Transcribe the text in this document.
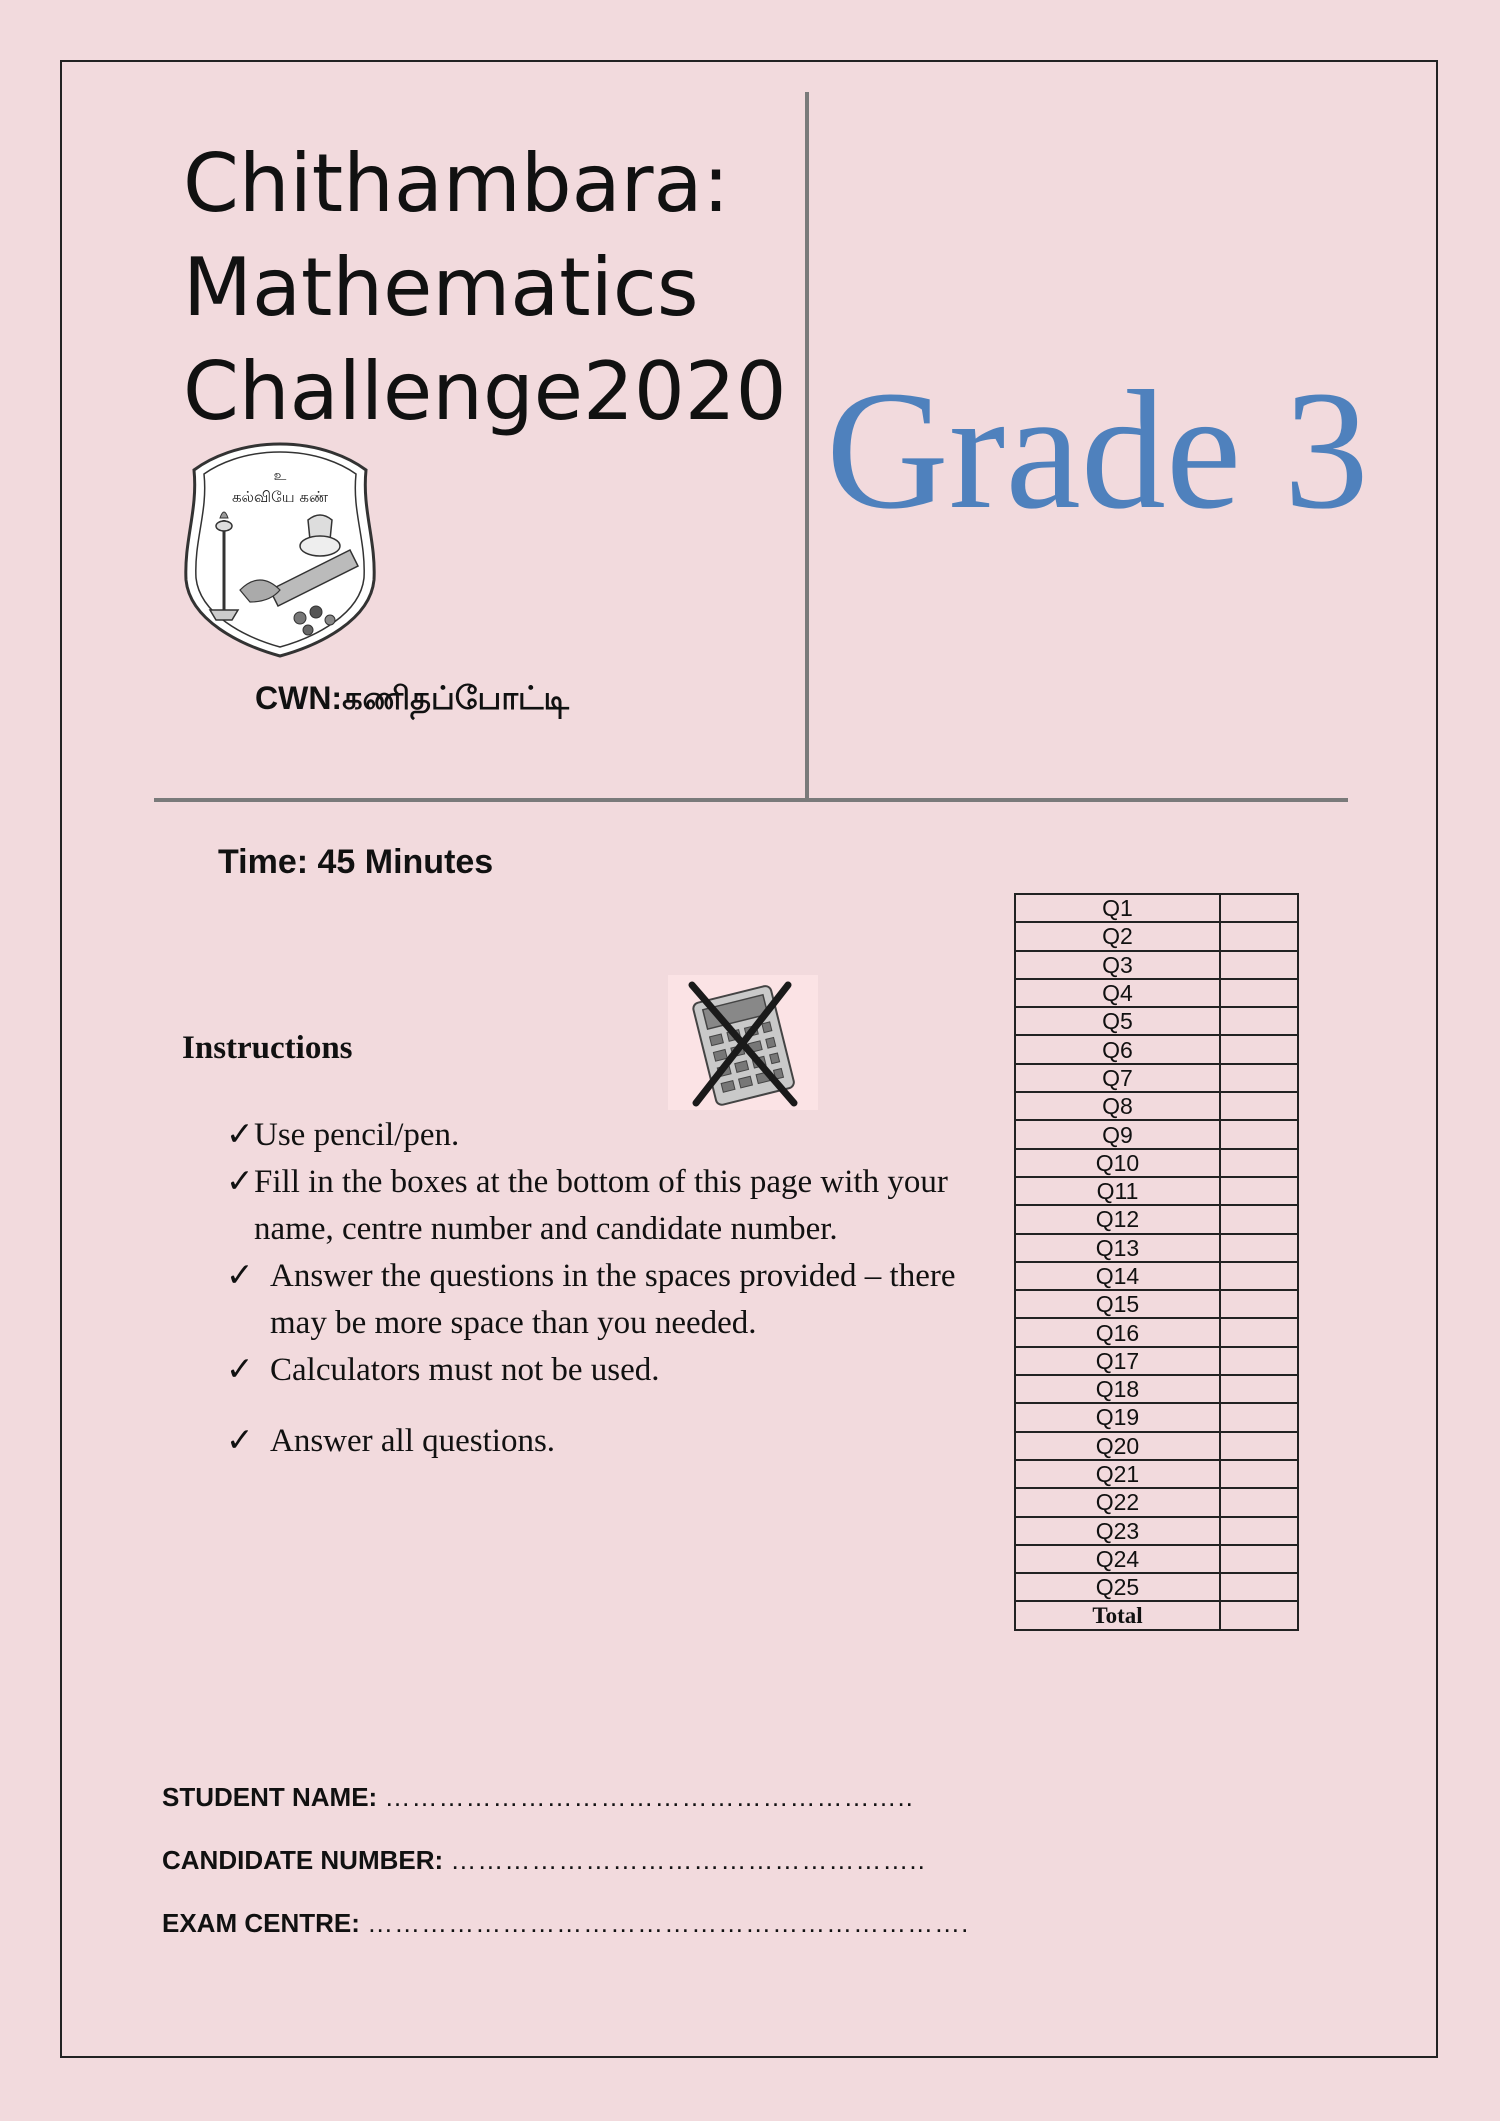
Chithambara:
Mathematics
Challenge2020 Grade 3
உ
கல்வியே கண்
CWN:கணிதப்போட்டி
Time: 45 Minutes
Instructions
✓ Use pencil/pen.
✓ Fill in the boxes at the bottom of this page with your name, centre number and candidate number.
✓ Answer the questions in the spaces provided – there may be more space than you needed.
✓ Calculators must not be used.
✓ Answer all questions.
Q1	
Q2	
Q3	
Q4	
Q5	
Q6	
Q7	
Q8	
Q9	
Q10	
Q11	
Q12	
Q13	
Q14	
Q15	
Q16	
Q17	
Q18	
Q19	
Q20	
Q21	
Q22	
Q23	
Q24	
Q25	
Total	
STUDENT NAME: …………………………………………………..
CANDIDATE NUMBER: ……………………………………………..
EXAM CENTRE: ………………………………………………………….
